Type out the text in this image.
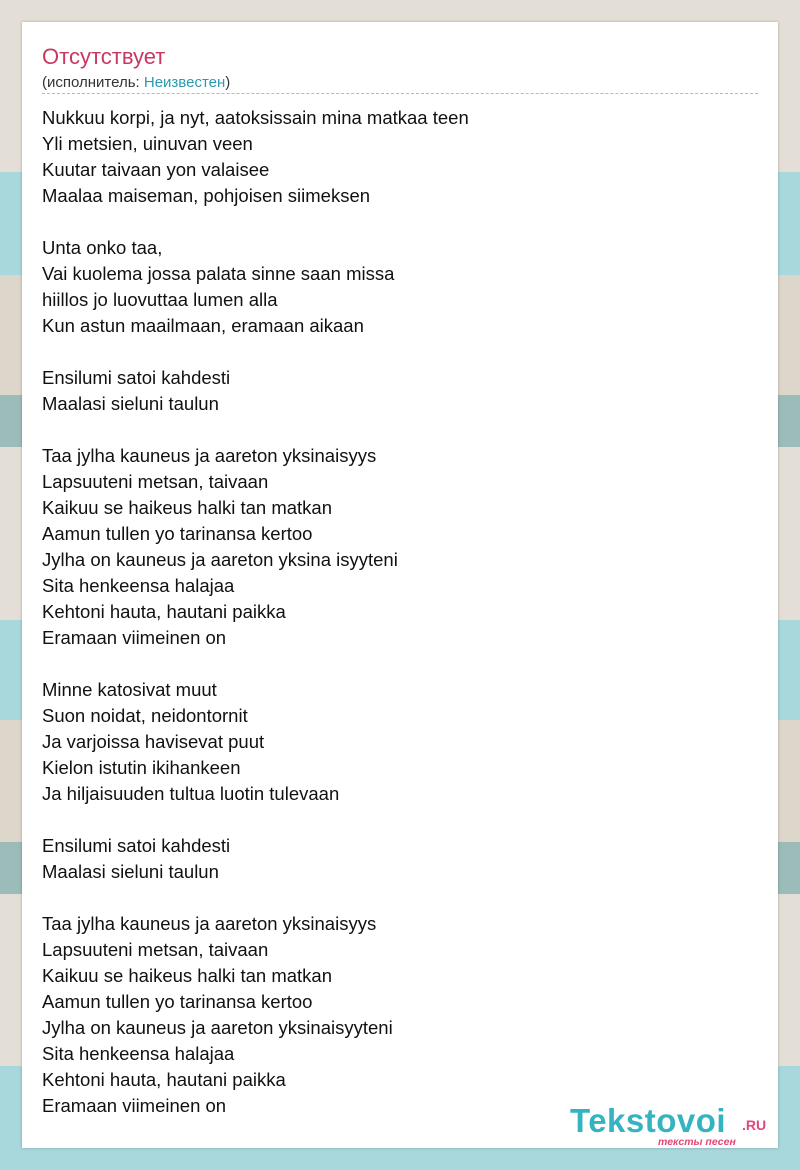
Отсутствует
(исполнитель: Неизвестен)
Nukkuu korpi, ja nyt, aatoksissain mina matkaa teen
Yli metsien, uinuvan veen
Kuutar taivaan yon valaisee
Maalaa maiseman, pohjoisen siimeksen
Unta onko taa,
Vai kuolema jossa palata sinne saan missa
hiillos jo luovuttaa lumen alla
Kun astun maailmaan, eramaan aikaan
Ensilumi satoi kahdesti
Maalasi sieluni taulun
Taa jylha kauneus ja aareton yksinaisyys
Lapsuuteni metsan, taivaan
Kaikuu se haikeus halki tan matkan
Aamun tullen yo tarinansa kertoo
Jylha on kauneus ja aareton yksina isyyteni
Sita henkeensa halajaa
Kehtoni hauta, hautani paikka
Eramaan viimeinen on
Minne katosivat muut
Suon noidat, neidontornit
Ja varjoissa havisevat puut
Kielon istutin ikihankeen
Ja hiljaisuuden tultua luotin tulevaan
Ensilumi satoi kahdesti
Maalasi sieluni taulun
Taa jylha kauneus ja aareton yksinaisyys
Lapsuuteni metsan, taivaan
Kaikuu se haikeus halki tan matkan
Aamun tullen yo tarinansa kertoo
Jylha on kauneus ja aareton yksinaisyyteni
Sita henkeensa halajaa
Kehtoni hauta, hautani paikka
Eramaan viimeinen on	Tekstovoi .RU
тексты песен
